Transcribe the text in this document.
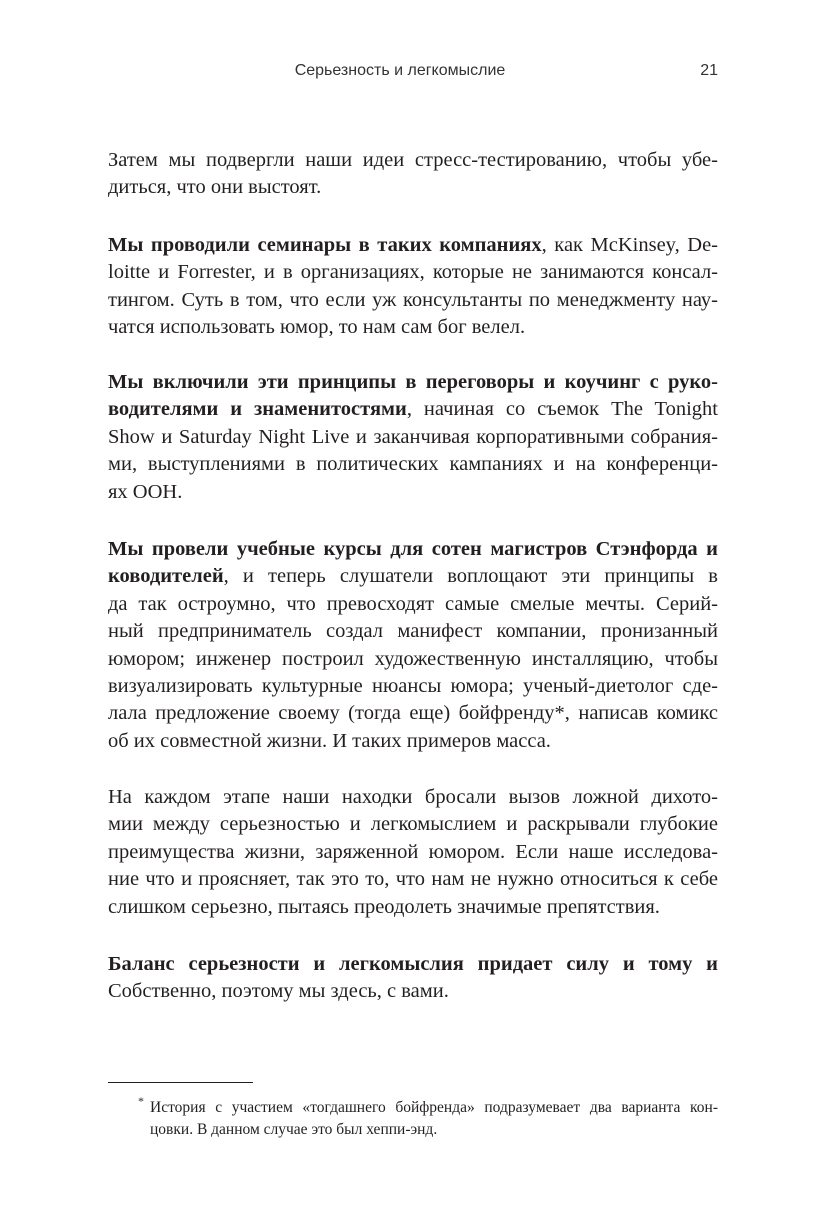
Серьезность и легкомыслие	21
Затем мы подвергли наши идеи стресс-тестированию, чтобы убе-
диться, что они выстоят.
Мы проводили семинары в таких компаниях, как McKinsey, De-
loitte и Forrester, и в организациях, которые не занимаются консал-
тингом. Суть в том, что если уж консультанты по менеджменту нау-
чатся использовать юмор, то нам сам бог велел.
Мы включили эти принципы в переговоры и коучинг с руко-
водителями и знаменитостями, начиная со съемок The Tonight
Show и Saturday Night Live и заканчивая корпоративными собрания-
ми, выступлениями в политических кампаниях и на конференци-
ях ООН.
Мы провели учебные курсы для сотен магистров Стэнфорда и
ководителей, и теперь слушатели воплощают эти принципы в
да так остроумно, что превосходят самые смелые мечты. Серий-
ный предприниматель создал манифест компании, пронизанный
юмором; инженер построил художественную инсталляцию, чтобы
визуализировать культурные нюансы юмора; ученый-диетолог сде-
лала предложение своему (тогда еще) бойфренду*, написав комикс
об их совместной жизни. И таких примеров масса.
На каждом этапе наши находки бросали вызов ложной дихото-
мии между серьезностью и легкомыслием и раскрывали глубокие
преимущества жизни, заряженной юмором. Если наше исследова-
ние что и проясняет, так это то, что нам не нужно относиться к себе
слишком серьезно, пытаясь преодолеть значимые препятствия.
Баланс серьезности и легкомыслия придает силу и тому и
Собственно, поэтому мы здесь, с вами.
* История с участием «тогдашнего бойфренда» подразумевает два варианта кон-
цовки. В данном случае это был хеппи-энд.
